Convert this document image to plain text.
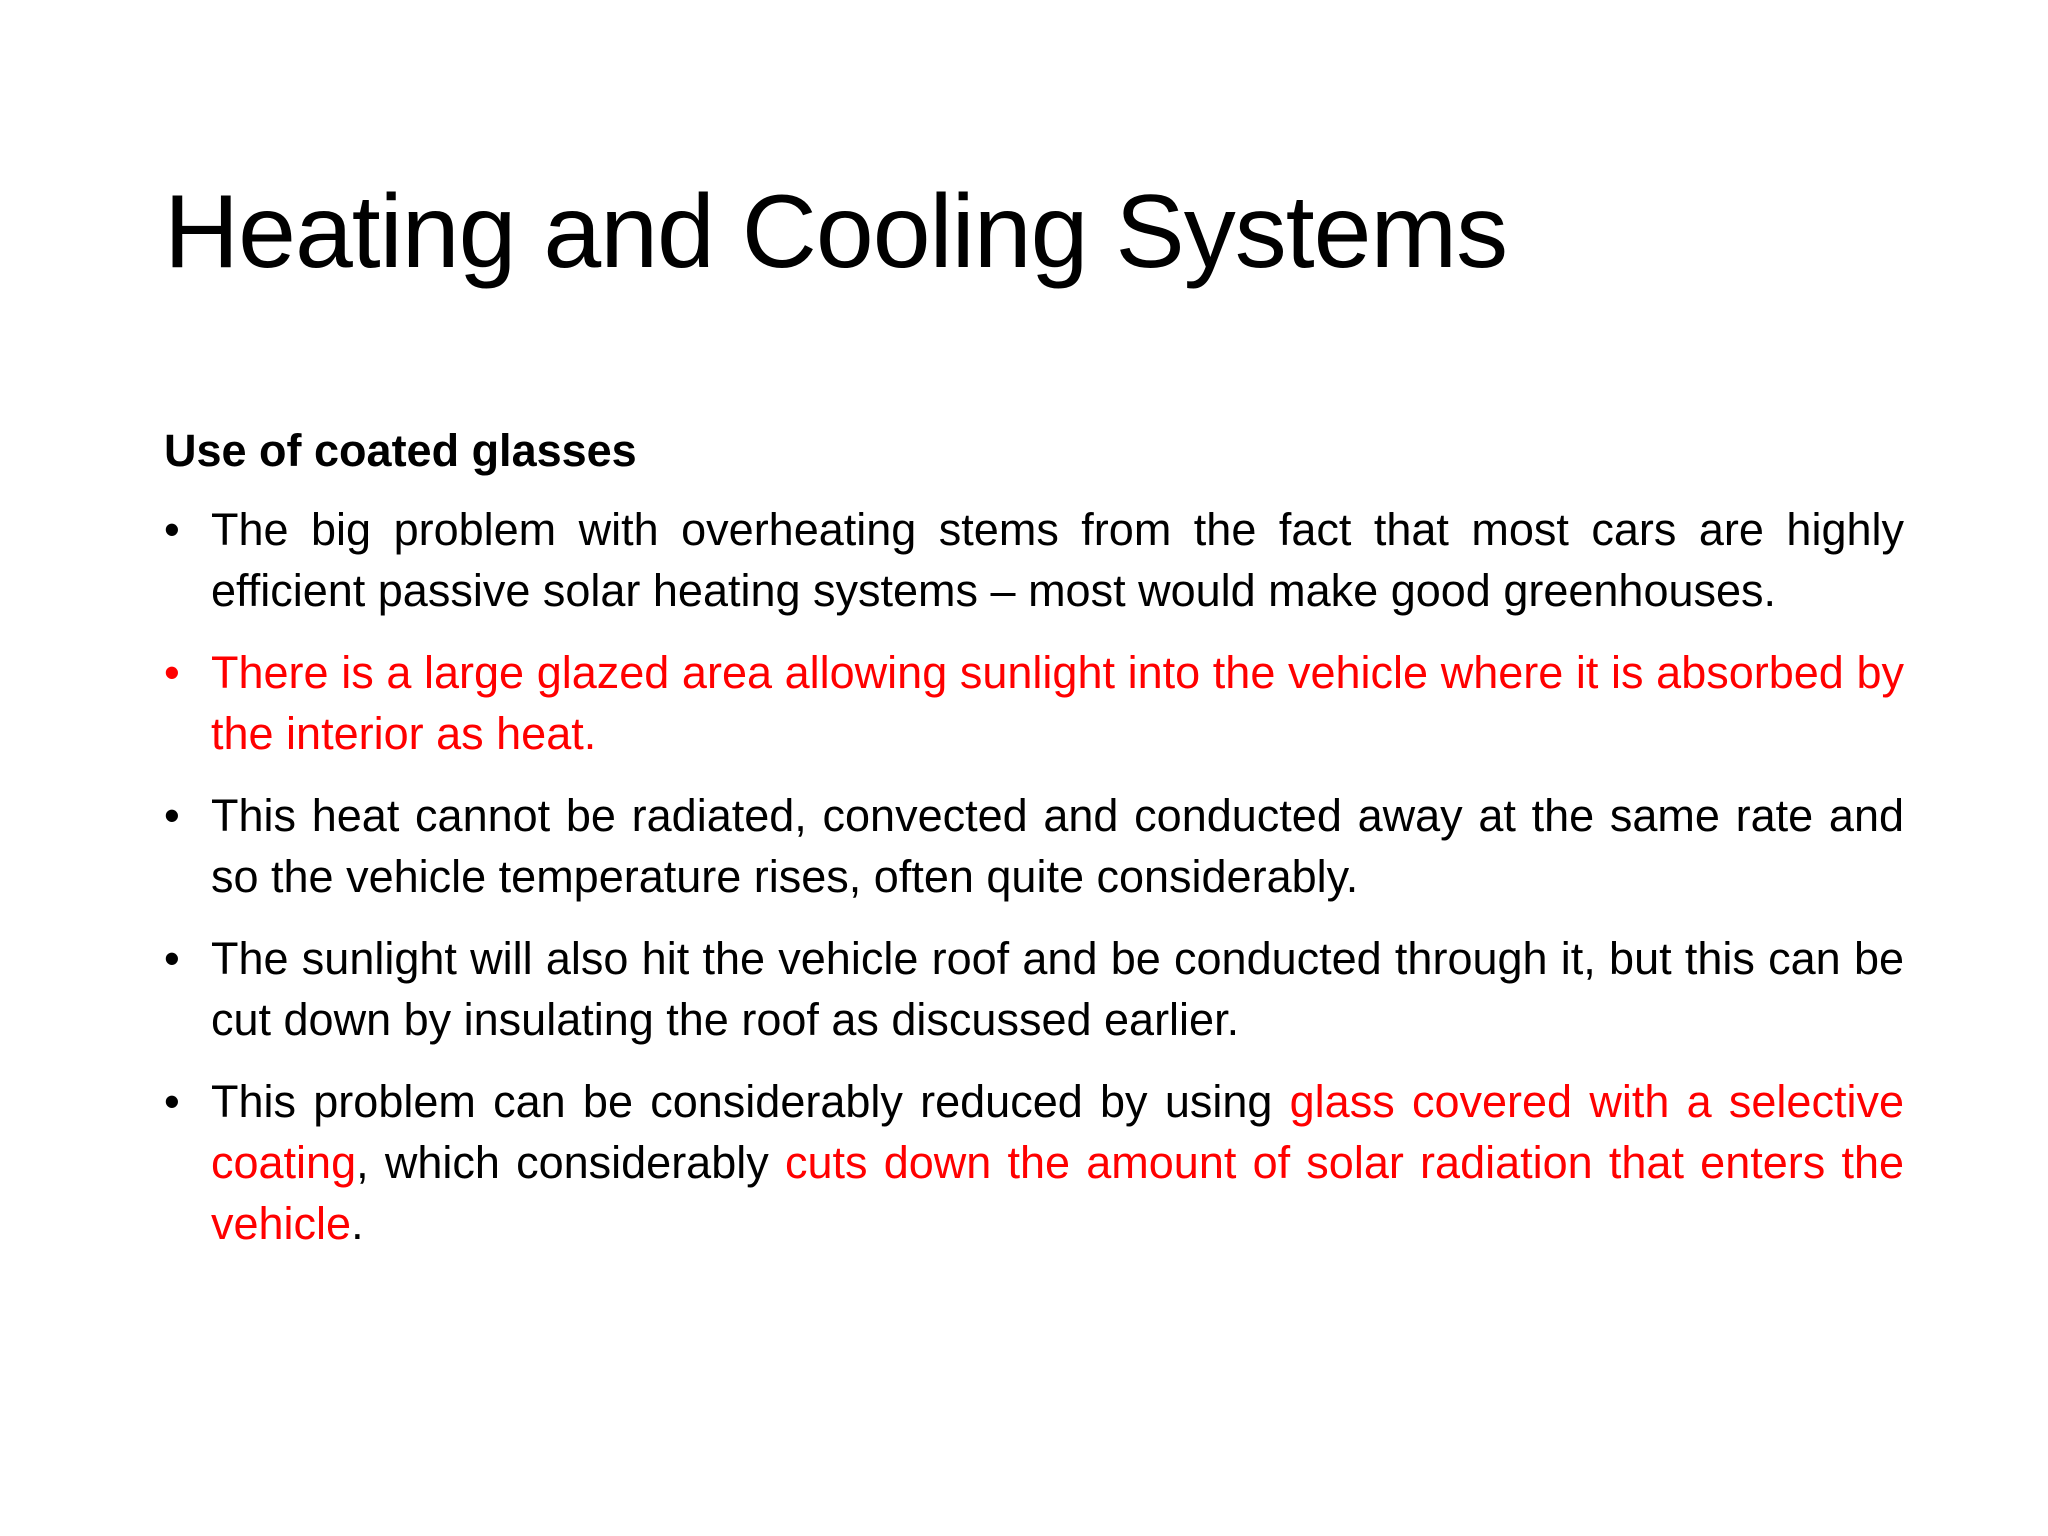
Heating and Cooling Systems
Use of coated glasses
• The big problem with overheating stems from the fact that most cars are highly efficient passive solar heating systems – most would make good greenhouses.
• There is a large glazed area allowing sunlight into the vehicle where it is absorbed by the interior as heat.
• This heat cannot be radiated, convected and conducted away at the same rate and so the vehicle temperature rises, often quite considerably.
• The sunlight will also hit the vehicle roof and be conducted through it, but this can be cut down by insulating the roof as discussed earlier.
• This problem can be considerably reduced by using glass covered with a selective coating, which considerably cuts down the amount of solar radiation that enters the vehicle.
